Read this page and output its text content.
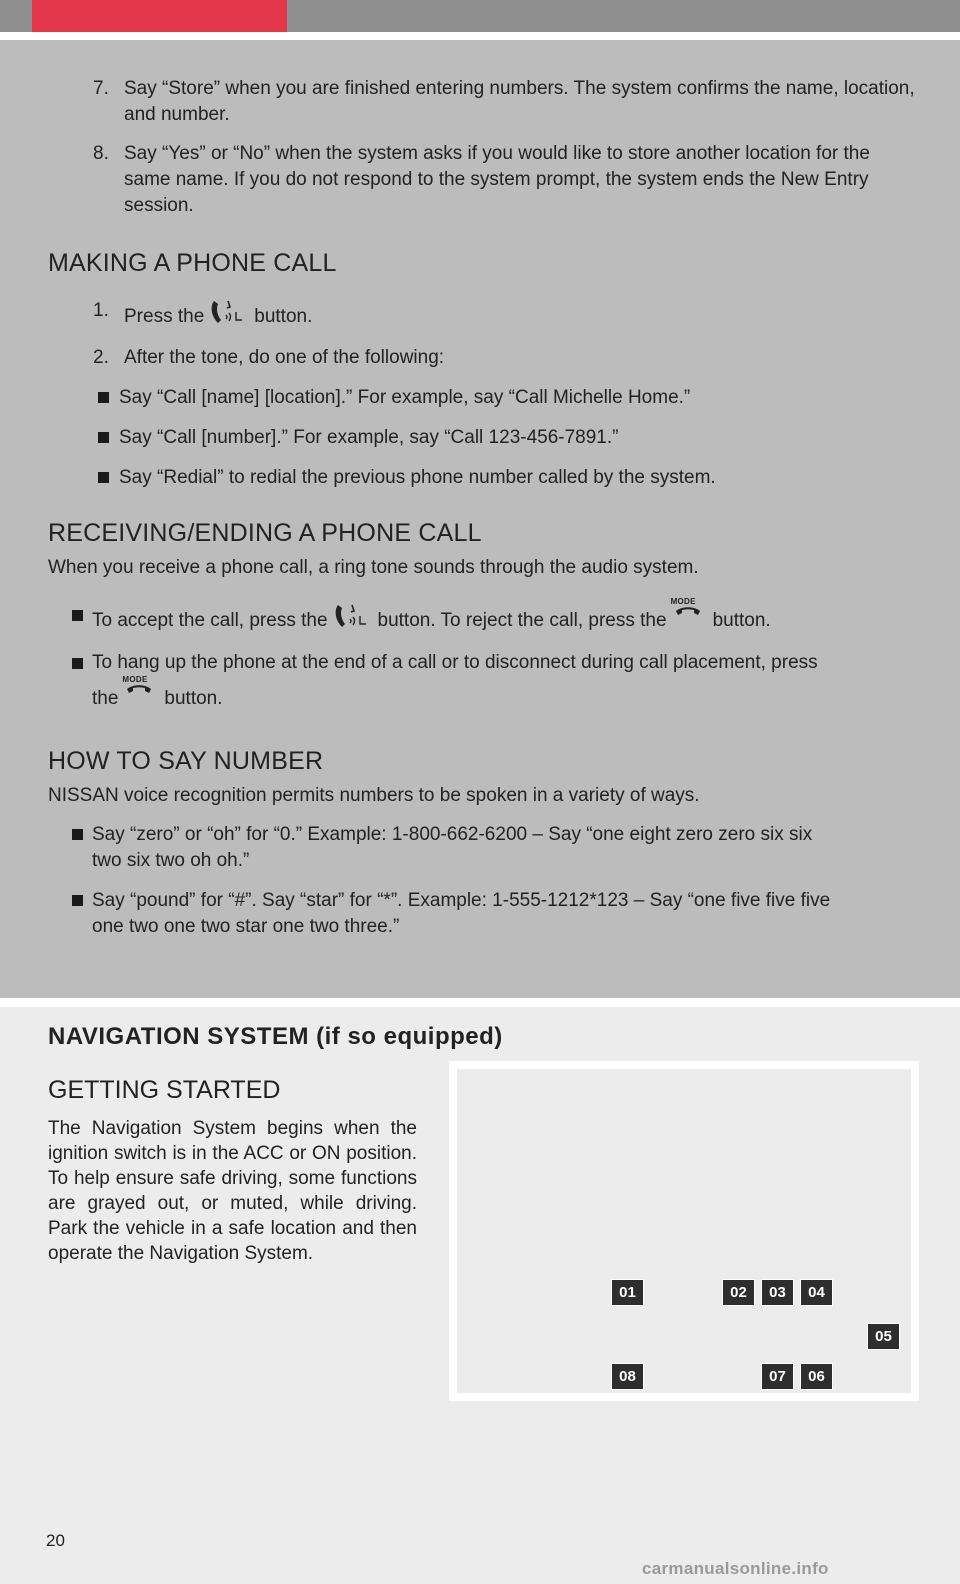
7. Say “Store” when you are finished entering numbers. The system confirms the name, location, and number.
8. Say “Yes” or “No” when the system asks if you would like to store another location for the same name. If you do not respond to the system prompt, the system ends the New Entry session.
MAKING A PHONE CALL
1. Press the	button.
2. After the tone, do one of the following:
Say “Call [name] [location].” For example, say “Call Michelle Home.”
Say “Call [number].” For example, say “Call 123-456-7891.”
Say “Redial” to redial the previous phone number called by the system.
RECEIVING/ENDING A PHONE CALL
When you receive a phone call, a ring tone sounds through the audio system.
To accept the call, press the	button. To reject the call, press the
MODE
button.
To hang up the phone at the end of a call or to disconnect during call placement, press
the
MODE
button.
HOW TO SAY NUMBER
NISSAN voice recognition permits numbers to be spoken in a variety of ways.
Say “zero” or “oh” for “0.” Example: 1-800-662-6200 – Say “one eight zero zero six six
two six two oh oh.”
Say “pound” for “#”. Say “star” for “*”. Example: 1-555-1212*123 – Say “one five five five
one two one two star one two three.”
NAVIGATION SYSTEM (if so equipped)
GETTING STARTED
The Navigation System begins when the ignition switch is in the ACC or ON position. To help ensure safe driving, some functions are grayed out, or muted, while driving. Park the vehicle in a safe location and then operate the Navigation System.
01	02	03	04
05
06
07
08
20
carmanualsonline.info
